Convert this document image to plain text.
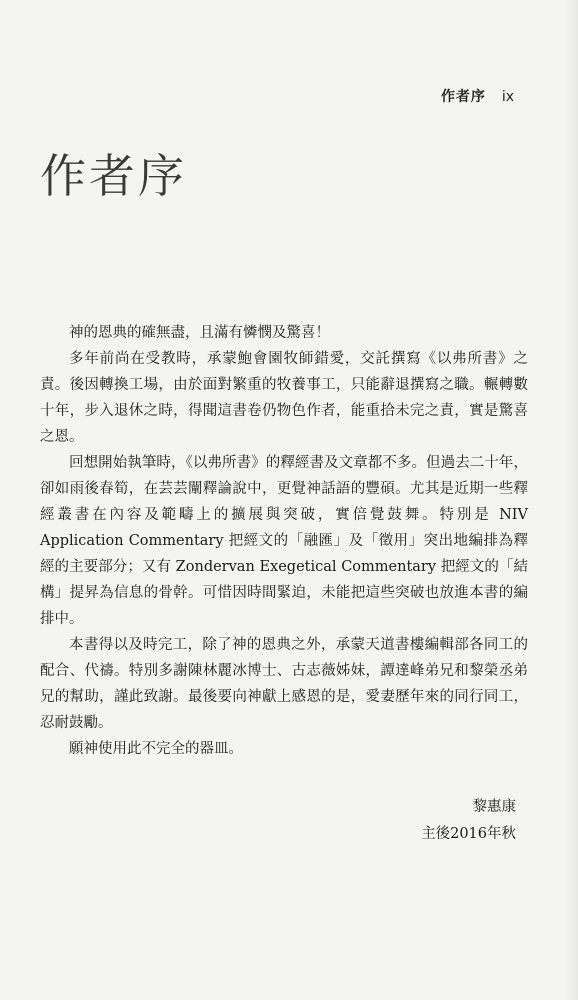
作者序 ix
作者序

神的恩典的確無盡，且滿有憐憫及驚喜！

多年前尚在受教時，承蒙鮑會園牧師錯愛，交託撰寫《以弗所書》之責。後因轉換工場，由於面對繁重的牧養事工，只能辭退撰寫之職。輾轉數十年，步入退休之時，得聞這書卷仍物色作者，能重拾未完之責，實是驚喜之恩。

回想開始執筆時，《以弗所書》的釋經書及文章都不多。但過去二十年，卻如雨後春筍，在芸芸闡釋論說中，更覺神話語的豐碩。尤其是近期一些釋經叢書在內容及範疇上的擴展與突破，實倍覺鼓舞。特別是 NIV Application Commentary 把經文的「融匯」及「徵用」突出地編排為釋經的主要部分；又有 Zondervan Exegetical Commentary 把經文的「結構」提昇為信息的骨幹。可惜因時間緊迫，未能把這些突破也放進本書的編排中。

本書得以及時完工，除了神的恩典之外，承蒙天道書樓編輯部各同工的配合、代禱。特別多謝陳林麗冰博士、古志薇姊妹，譚達峰弟兄和黎榮丞弟兄的幫助，謹此致謝。最後要向神獻上感恩的是，愛妻歷年來的同行同工，忍耐鼓勵。

願神使用此不完全的器皿。

黎惠康
主後2016年秋
